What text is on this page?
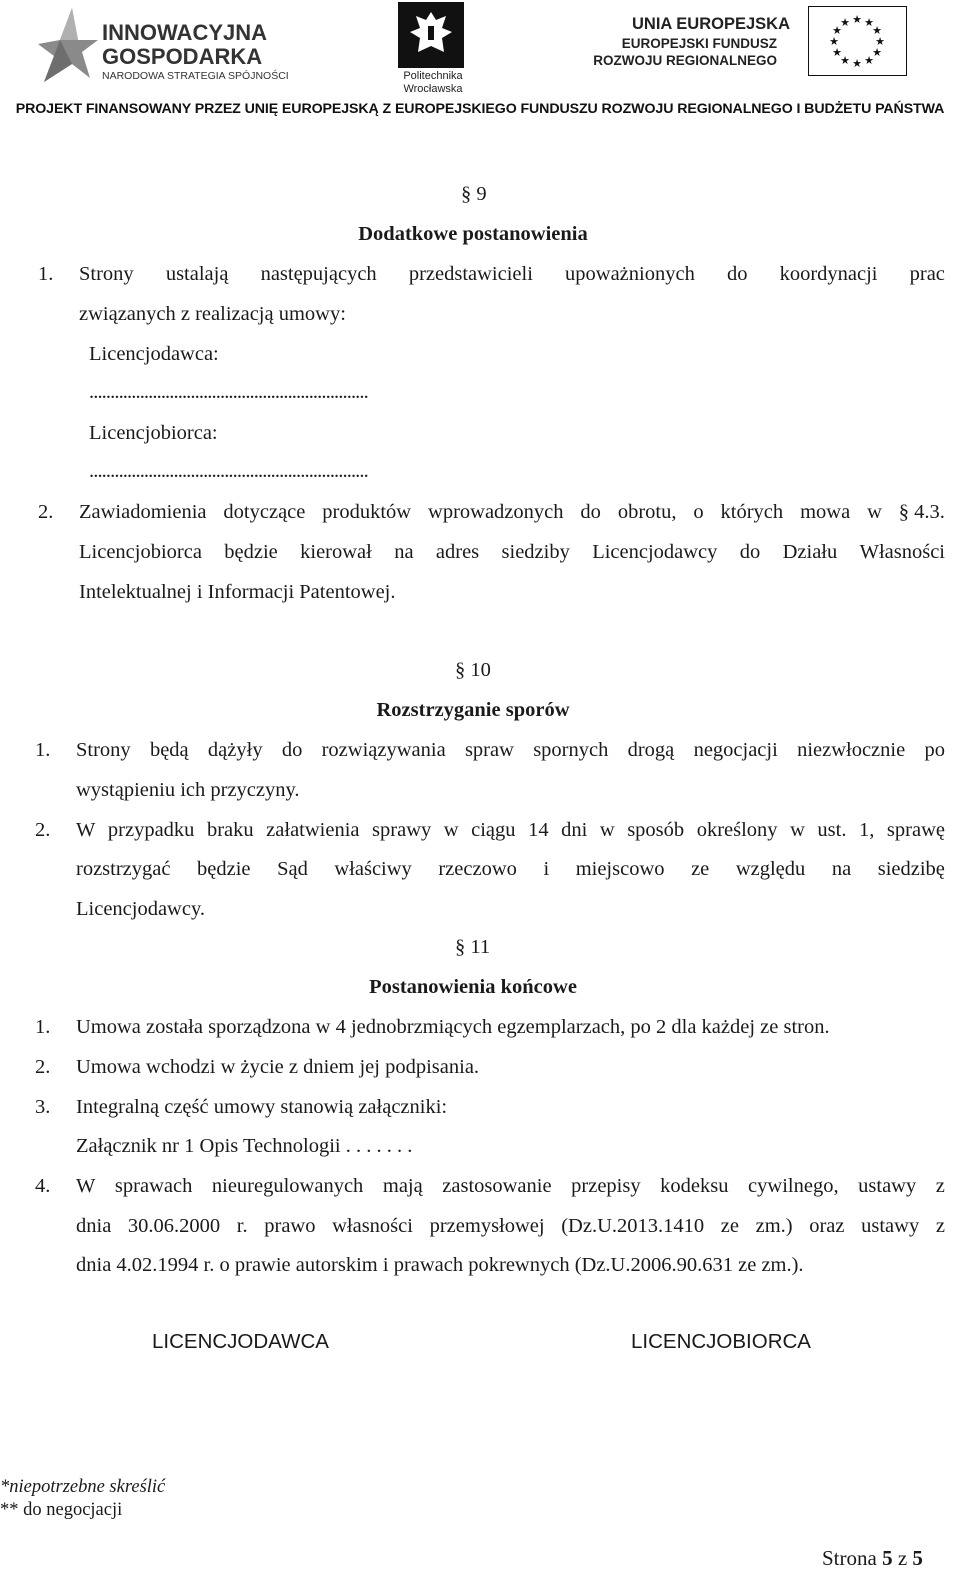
INNOWACYJNA
GOSPODARKA
NARODOWA STRATEGIA SPÓJNOŚCI	Politechnika
Wrocławska
UNIA EUROPEJSKA
EUROPEJSKI FUNDUSZ
ROZWOJU REGIONALNEGO
★ ★
★
★
★
★
★
★
★
★
★
★
PROJEKT FINANSOWANY PRZEZ UNIĘ EUROPEJSKĄ Z EUROPEJSKIEGO FUNDUSZU ROZWOJU REGIONALNEGO I BUDŻETU PAŃSTWA
§ 9
Dodatkowe postanowienia
1. Strony ustalają następujących przedstawicieli upoważnionych do koordynacji prac
związanych z realizacją umowy:
Licencjodawca:
..................................................................
Licencjobiorca:
..................................................................
2. Zawiadomienia dotyczące produktów wprowadzonych do obrotu, o których mowa w § 4.3.
Licencjobiorca będzie kierował na adres siedziby Licencjodawcy do Działu Własności
Intelektualnej i Informacji Patentowej.
§ 10
Rozstrzyganie sporów
1. Strony będą dążyły do rozwiązywania spraw spornych drogą negocjacji niezwłocznie po
wystąpieniu ich przyczyny.
2. W przypadku braku załatwienia sprawy w ciągu 14 dni w sposób określony w ust. 1, sprawę
rozstrzygać będzie Sąd właściwy rzeczowo i miejscowo ze względu na siedzibę
Licencjodawcy.
§ 11
Postanowienia końcowe
1. Umowa została sporządzona w 4 jednobrzmiących egzemplarzach, po 2 dla każdej ze stron.
2. Umowa wchodzi w życie z dniem jej podpisania.
3. Integralną część umowy stanowią załączniki:
Załącznik nr 1 Opis Technologii . . . . . . .
4. W sprawach nieuregulowanych mają zastosowanie przepisy kodeksu cywilnego, ustawy z
dnia 30.06.2000 r. prawo własności przemysłowej (Dz.U.2013.1410 ze zm.) oraz ustawy z
dnia 4.02.1994 r. o prawie autorskim i prawach pokrewnych (Dz.U.2006.90.631 ze zm.).
LICENCJODAWCA	LICENCJOBIORCA
*niepotrzebne skreślić
** do negocjacji
Strona 5 z 5
